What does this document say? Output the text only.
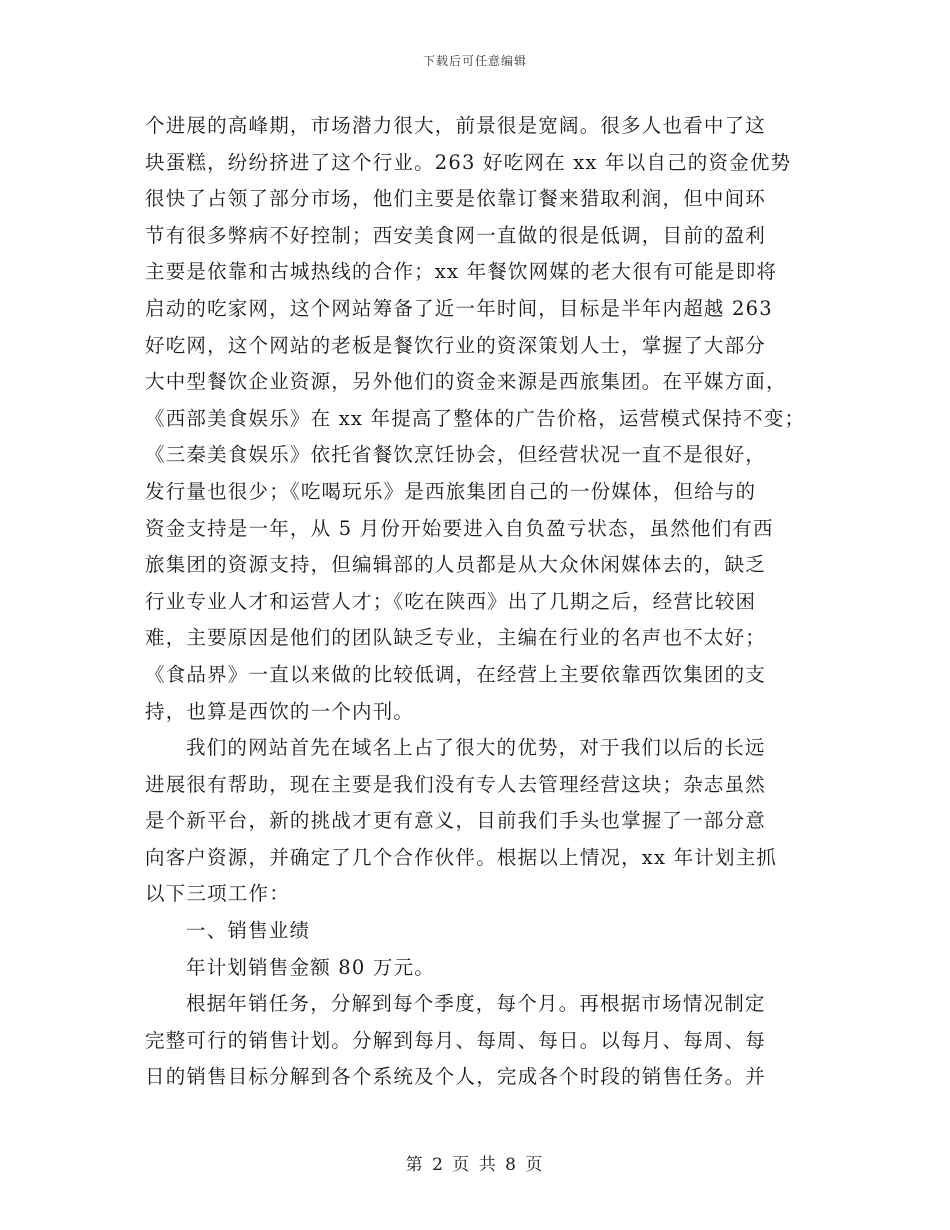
下载后可任意编辑
个进展的高峰期，市场潜力很大，前景很是宽阔。很多人也看中了这
块蛋糕，纷纷挤进了这个行业。263 好吃网在 xx 年以自己的资金优势
很快了占领了部分市场，他们主要是依靠订餐来猎取利润，但中间环
节有很多弊病不好控制；西安美食网一直做的很是低调，目前的盈利
主要是依靠和古城热线的合作；xx 年餐饮网媒的老大很有可能是即将
启动的吃家网，这个网站筹备了近一年时间，目标是半年内超越 263
好吃网，这个网站的老板是餐饮行业的资深策划人士，掌握了大部分
大中型餐饮企业资源，另外他们的资金来源是西旅集团。在平媒方面，
《西部美食娱乐》在 xx 年提高了整体的广告价格，运营模式保持不变；
《三秦美食娱乐》依托省餐饮烹饪协会，但经营状况一直不是很好，
发行量也很少；《吃喝玩乐》是西旅集团自己的一份媒体，但给与的
资金支持是一年，从 5 月份开始要进入自负盈亏状态，虽然他们有西
旅集团的资源支持，但编辑部的人员都是从大众休闲媒体去的，缺乏
行业专业人才和运营人才；《吃在陕西》出了几期之后，经营比较困
难，主要原因是他们的团队缺乏专业，主编在行业的名声也不太好；
《食品界》一直以来做的比较低调，在经营上主要依靠西饮集团的支
持，也算是西饮的一个内刊。
我们的网站首先在域名上占了很大的优势，对于我们以后的长远
进展很有帮助，现在主要是我们没有专人去管理经营这块；杂志虽然
是个新平台，新的挑战才更有意义，目前我们手头也掌握了一部分意
向客户资源，并确定了几个合作伙伴。根据以上情况，xx 年计划主抓
以下三项工作：
一、销售业绩
年计划销售金额 80 万元。
根据年销任务，分解到每个季度，每个月。再根据市场情况制定
完整可行的销售计划。分解到每月、每周、每日。以每月、每周、每
日的销售目标分解到各个系统及个人，完成各个时段的销售任务。并
第 2 页 共 8 页
